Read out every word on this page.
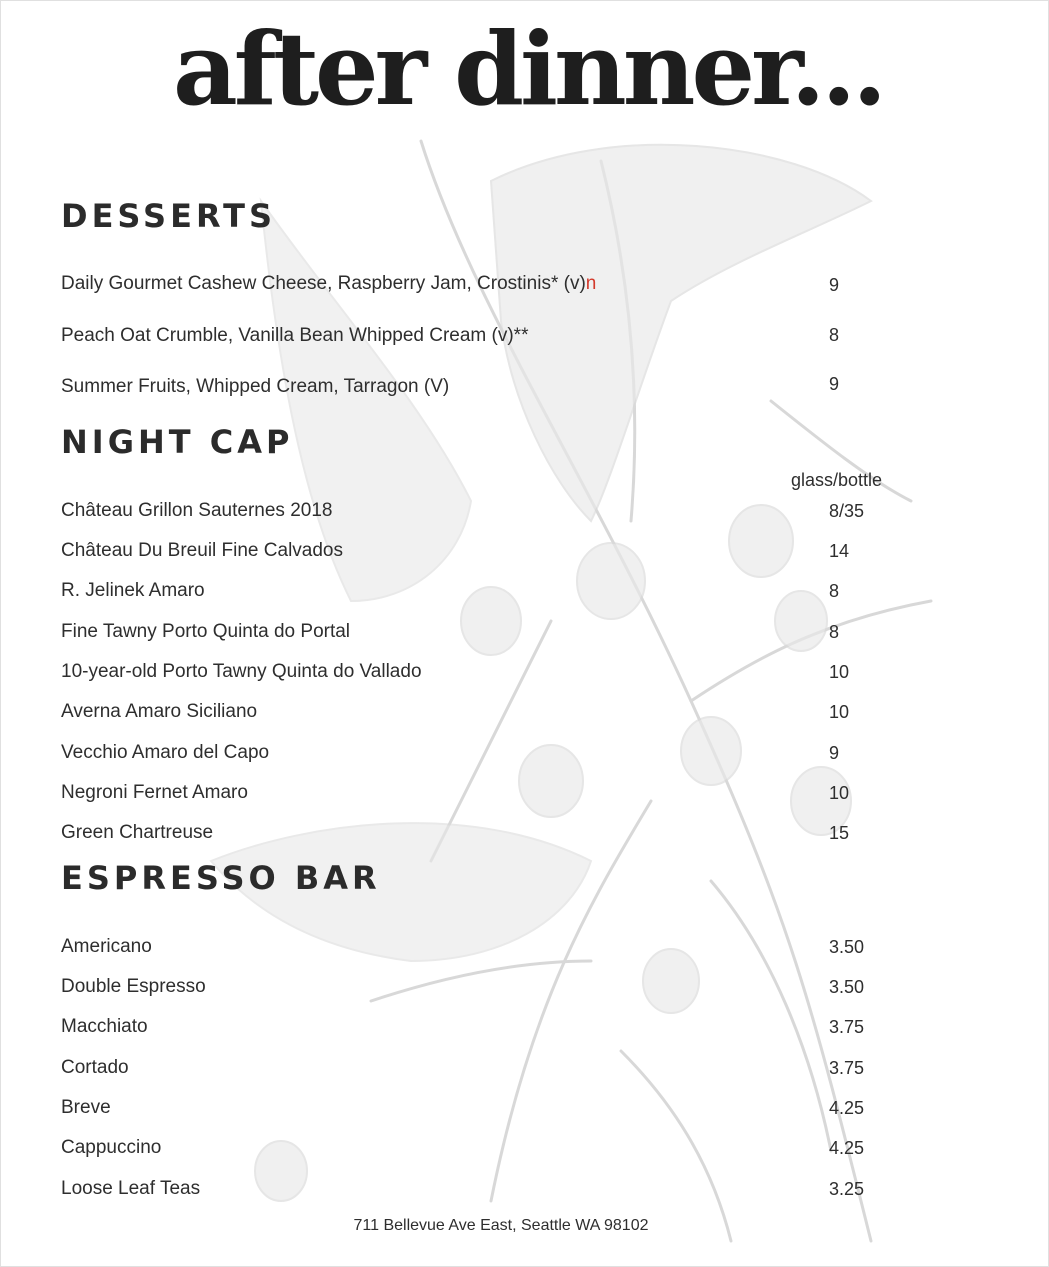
after dinner...
DESSERTS
Daily Gourmet Cashew Cheese, Raspberry Jam, Crostinis* (v)n	9
Peach Oat Crumble, Vanilla Bean Whipped Cream (v)**	8
Summer Fruits, Whipped Cream, Tarragon (V)	9
NIGHT CAP
glass/bottle
Château Grillon Sauternes 2018	8/35
Château Du Breuil Fine Calvados	14
R. Jelinek Amaro	8
Fine Tawny Porto Quinta do Portal	8
10-year-old Porto Tawny Quinta do Vallado	10
Averna Amaro Siciliano	10
Vecchio Amaro del Capo	9
Negroni Fernet Amaro	10
Green Chartreuse	15
ESPRESSO BAR
Americano	3.50
Double Espresso	3.50
Macchiato	3.75
Cortado	3.75
Breve	4.25
Cappuccino	4.25
Loose Leaf Teas	3.25
711 Bellevue Ave East, Seattle WA 98102
